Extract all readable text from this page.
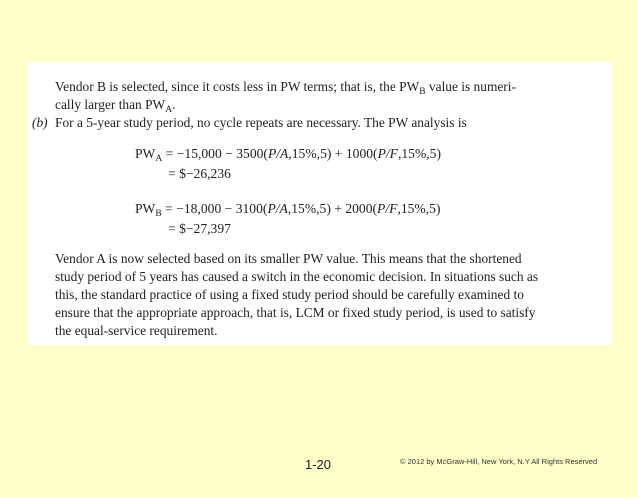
Vendor B is selected, since it costs less in PW terms; that is, the $PW_B$ value is numeri-
cally larger than $PW_A$.
(b) For a 5-year study period, no cycle repeats are necessary. The PW analysis is
$PW_A = -15,000 - 3500(P/A,15\%,5) + 1000(P/F,15\%,5)$
= $−26,236
$PW_B = -18,000 - 3100(P/A,15\%,5) + 2000(P/F,15\%,5)$
= $−27,397
Vendor A is now selected based on its smaller PW value. This means that the shortened
study period of 5 years has caused a switch in the economic decision. In situations such as
this, the standard practice of using a fixed study period should be carefully examined to
ensure that the appropriate approach, that is, LCM or fixed study period, is used to satisfy
the equal-service requirement.
1-20	© 2012 by McGraw-Hill, New York, N.Y All Rights Reserved
